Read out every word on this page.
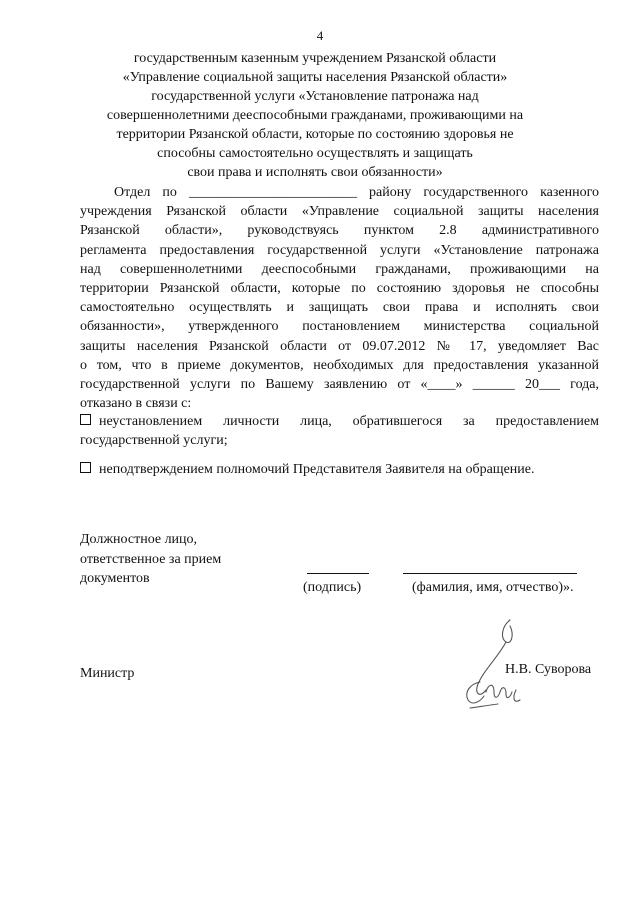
4
государственным казенным учреждением Рязанской области
«Управление социальной защиты населения Рязанской области»
государственной услуги «Установление патронажа над
совершеннолетними дееспособными гражданами, проживающими на
территории Рязанской области, которые по состоянию здоровья не
способны самостоятельно осуществлять и защищать
свои права и исполнять свои обязанности»
Отдел по ________________________ району государственного казенного
учреждения Рязанской области «Управление социальной защиты населения
Рязанской области», руководствуясь пунктом 2.8 административного
регламента предоставления государственной услуги «Установление патронажа
над совершеннолетними дееспособными гражданами, проживающими на
территории Рязанской области, которые по состоянию здоровья не способны
самостоятельно осуществлять и защищать свои права и исполнять свои
обязанности», утвержденного постановлением министерства социальной
защиты населения Рязанской области от 09.07.2012 № 17, уведомляет Вас
о том, что в приеме документов, необходимых для предоставления указанной
государственной услуги по Вашему заявлению от «____» ______ 20___ года,
отказано в связи с:
неустановлением личности лица, обратившегося за предоставлением
государственной услуги;
неподтверждением полномочий Представителя Заявителя на обращение.
Должностное лицо,
ответственное за прием
документов
(подпись)	(фамилия, имя, отчество)».
Министр	Н.В. Суворова
